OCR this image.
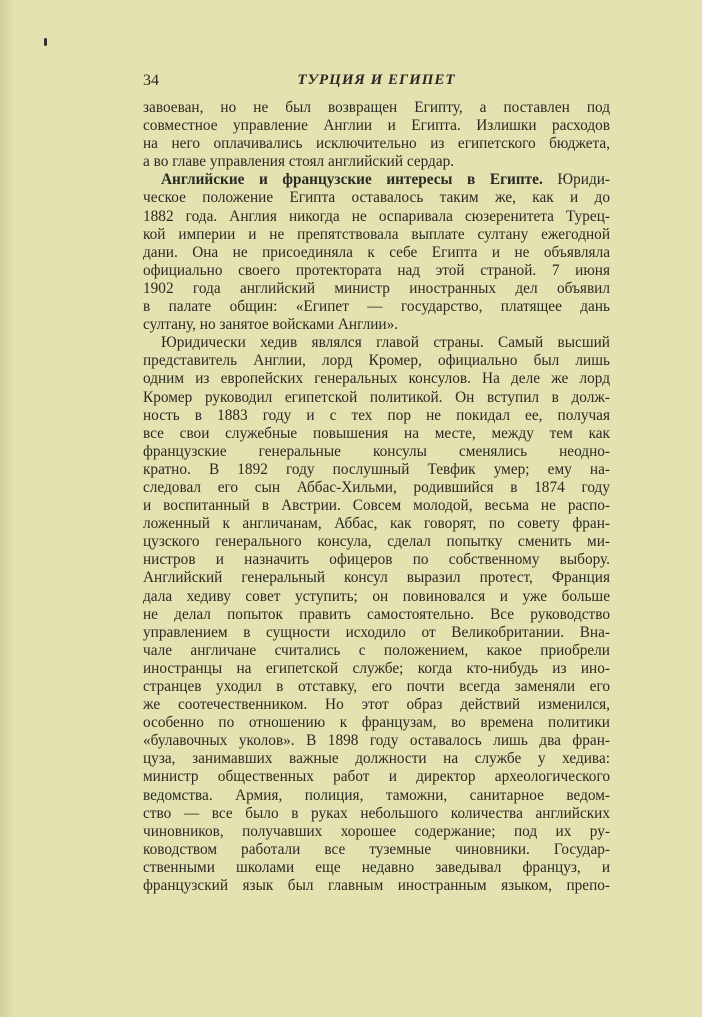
34	ТУРЦИЯ И ЕГИПЕТ
завоеван, но не был возвращен Египту, а поставлен под
совместное управление Англии и Египта. Излишки расходов
на него оплачивались исключительно из египетского бюджета,
а во главе управления стоял английский сердар.
Английские и французские интересы в Египте. Юриди-
ческое положение Египта оставалось таким же, как и до
1882 года. Англия никогда не оспаривала сюзеренитета Турец-
кой империи и не препятствовала выплате султану ежегодной
дани. Она не присоединяла к себе Египта и не объявляла
официально своего протектората над этой страной. 7 июня
1902 года английский министр иностранных дел объявил
в палате общин: «Египет — государство, платящее дань
султану, но занятое войсками Англии».
Юридически хедив являлся главой страны. Самый высший
представитель Англии, лорд Кромер, официально был лишь
одним из европейских генеральных консулов. На деле же лорд
Кромер руководил египетской политикой. Он вступил в долж-
ность в 1883 году и с тех пор не покидал ее, получая
все свои служебные повышения на месте, между тем как
французские генеральные консулы сменялись неодно-
кратно. В 1892 году послушный Тевфик умер; ему на-
следовал его сын Аббас-Хильми, родившийся в 1874 году
и воспитанный в Австрии. Совсем молодой, весьма не распо-
ложенный к англичанам, Аббас, как говорят, по совету фран-
цузского генерального консула, сделал попытку сменить ми-
нистров и назначить офицеров по собственному выбору.
Английский генеральный консул выразил протест, Франция
дала хедиву совет уступить; он повиновался и уже больше
не делал попыток править самостоятельно. Все руководство
управлением в сущности исходило от Великобритании. Вна-
чале англичане считались с положением, какое приобрели
иностранцы на египетской службе; когда кто-нибудь из ино-
странцев уходил в отставку, его почти всегда заменяли его
же соотечественником. Но этот образ действий изменился,
особенно по отношению к французам, во времена политики
«булавочных уколов». В 1898 году оставалось лишь два фран-
цуза, занимавших важные должности на службе у хедива:
министр общественных работ и директор археологического
ведомства. Армия, полиция, таможни, санитарное ведом-
ство — все было в руках небольшого количества английских
чиновников, получавших хорошее содержание; под их ру-
ководством работали все туземные чиновники. Государ-
ственными школами еще недавно заведывал француз, и
французский язык был главным иностранным языком, препо-
